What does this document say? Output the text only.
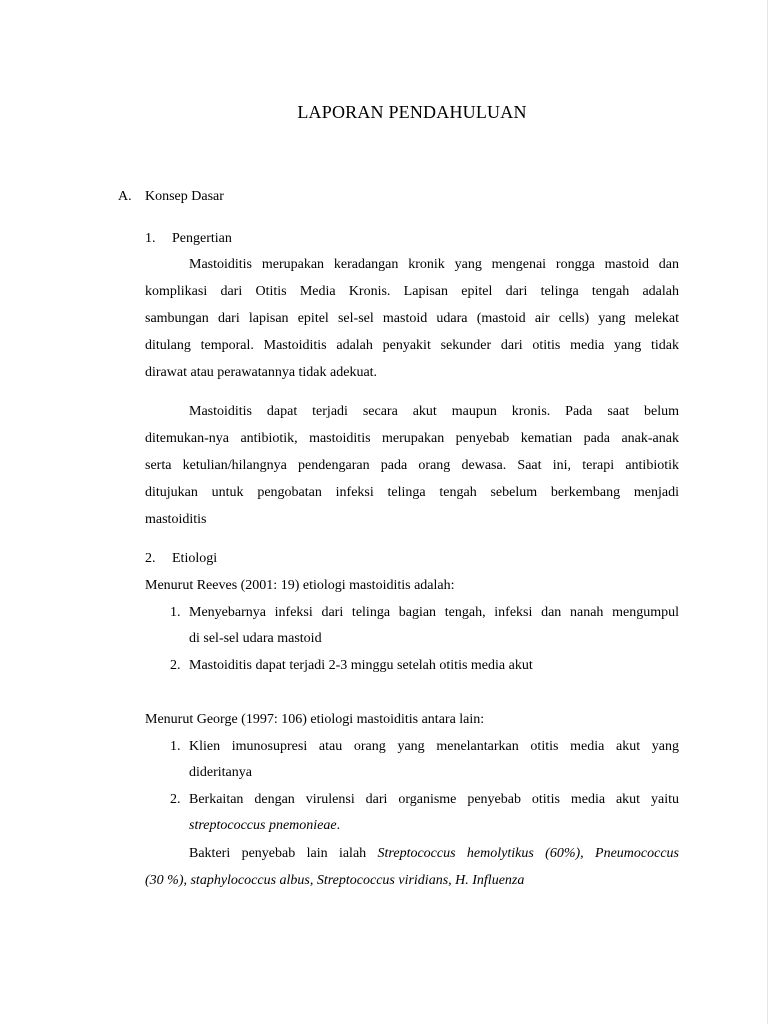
LAPORAN PENDAHULUAN
A. Konsep Dasar
1. Pengertian
Mastoiditis merupakan keradangan kronik yang mengenai rongga mastoid dan
komplikasi dari Otitis Media Kronis. Lapisan epitel dari telinga tengah adalah
sambungan dari lapisan epitel sel-sel mastoid udara (mastoid air cells) yang melekat
ditulang temporal. Mastoiditis adalah penyakit sekunder dari otitis media yang tidak
dirawat atau perawatannya tidak adekuat.
Mastoiditis dapat terjadi secara akut maupun kronis. Pada saat belum
ditemukan-nya antibiotik, mastoiditis merupakan penyebab kematian pada anak-anak
serta ketulian/hilangnya pendengaran pada orang dewasa. Saat ini, terapi antibiotik
ditujukan untuk pengobatan infeksi telinga tengah sebelum berkembang menjadi
mastoiditis
2. Etiologi
Menurut Reeves (2001: 19) etiologi mastoiditis adalah:
1. Menyebarnya infeksi dari telinga bagian tengah, infeksi dan nanah mengumpul
di sel-sel udara mastoid
2. Mastoiditis dapat terjadi 2-3 minggu setelah otitis media akut
Menurut George (1997: 106) etiologi mastoiditis antara lain:
1. Klien imunosupresi atau orang yang menelantarkan otitis media akut yang
dideritanya
2. Berkaitan dengan virulensi dari organisme penyebab otitis media akut yaitu
streptococcus pnemonieae.
Bakteri penyebab lain ialah Streptococcus hemolytikus (60%), Pneumococcus
(30 %), staphylococcus albus, Streptococcus viridians, H. Influenza
